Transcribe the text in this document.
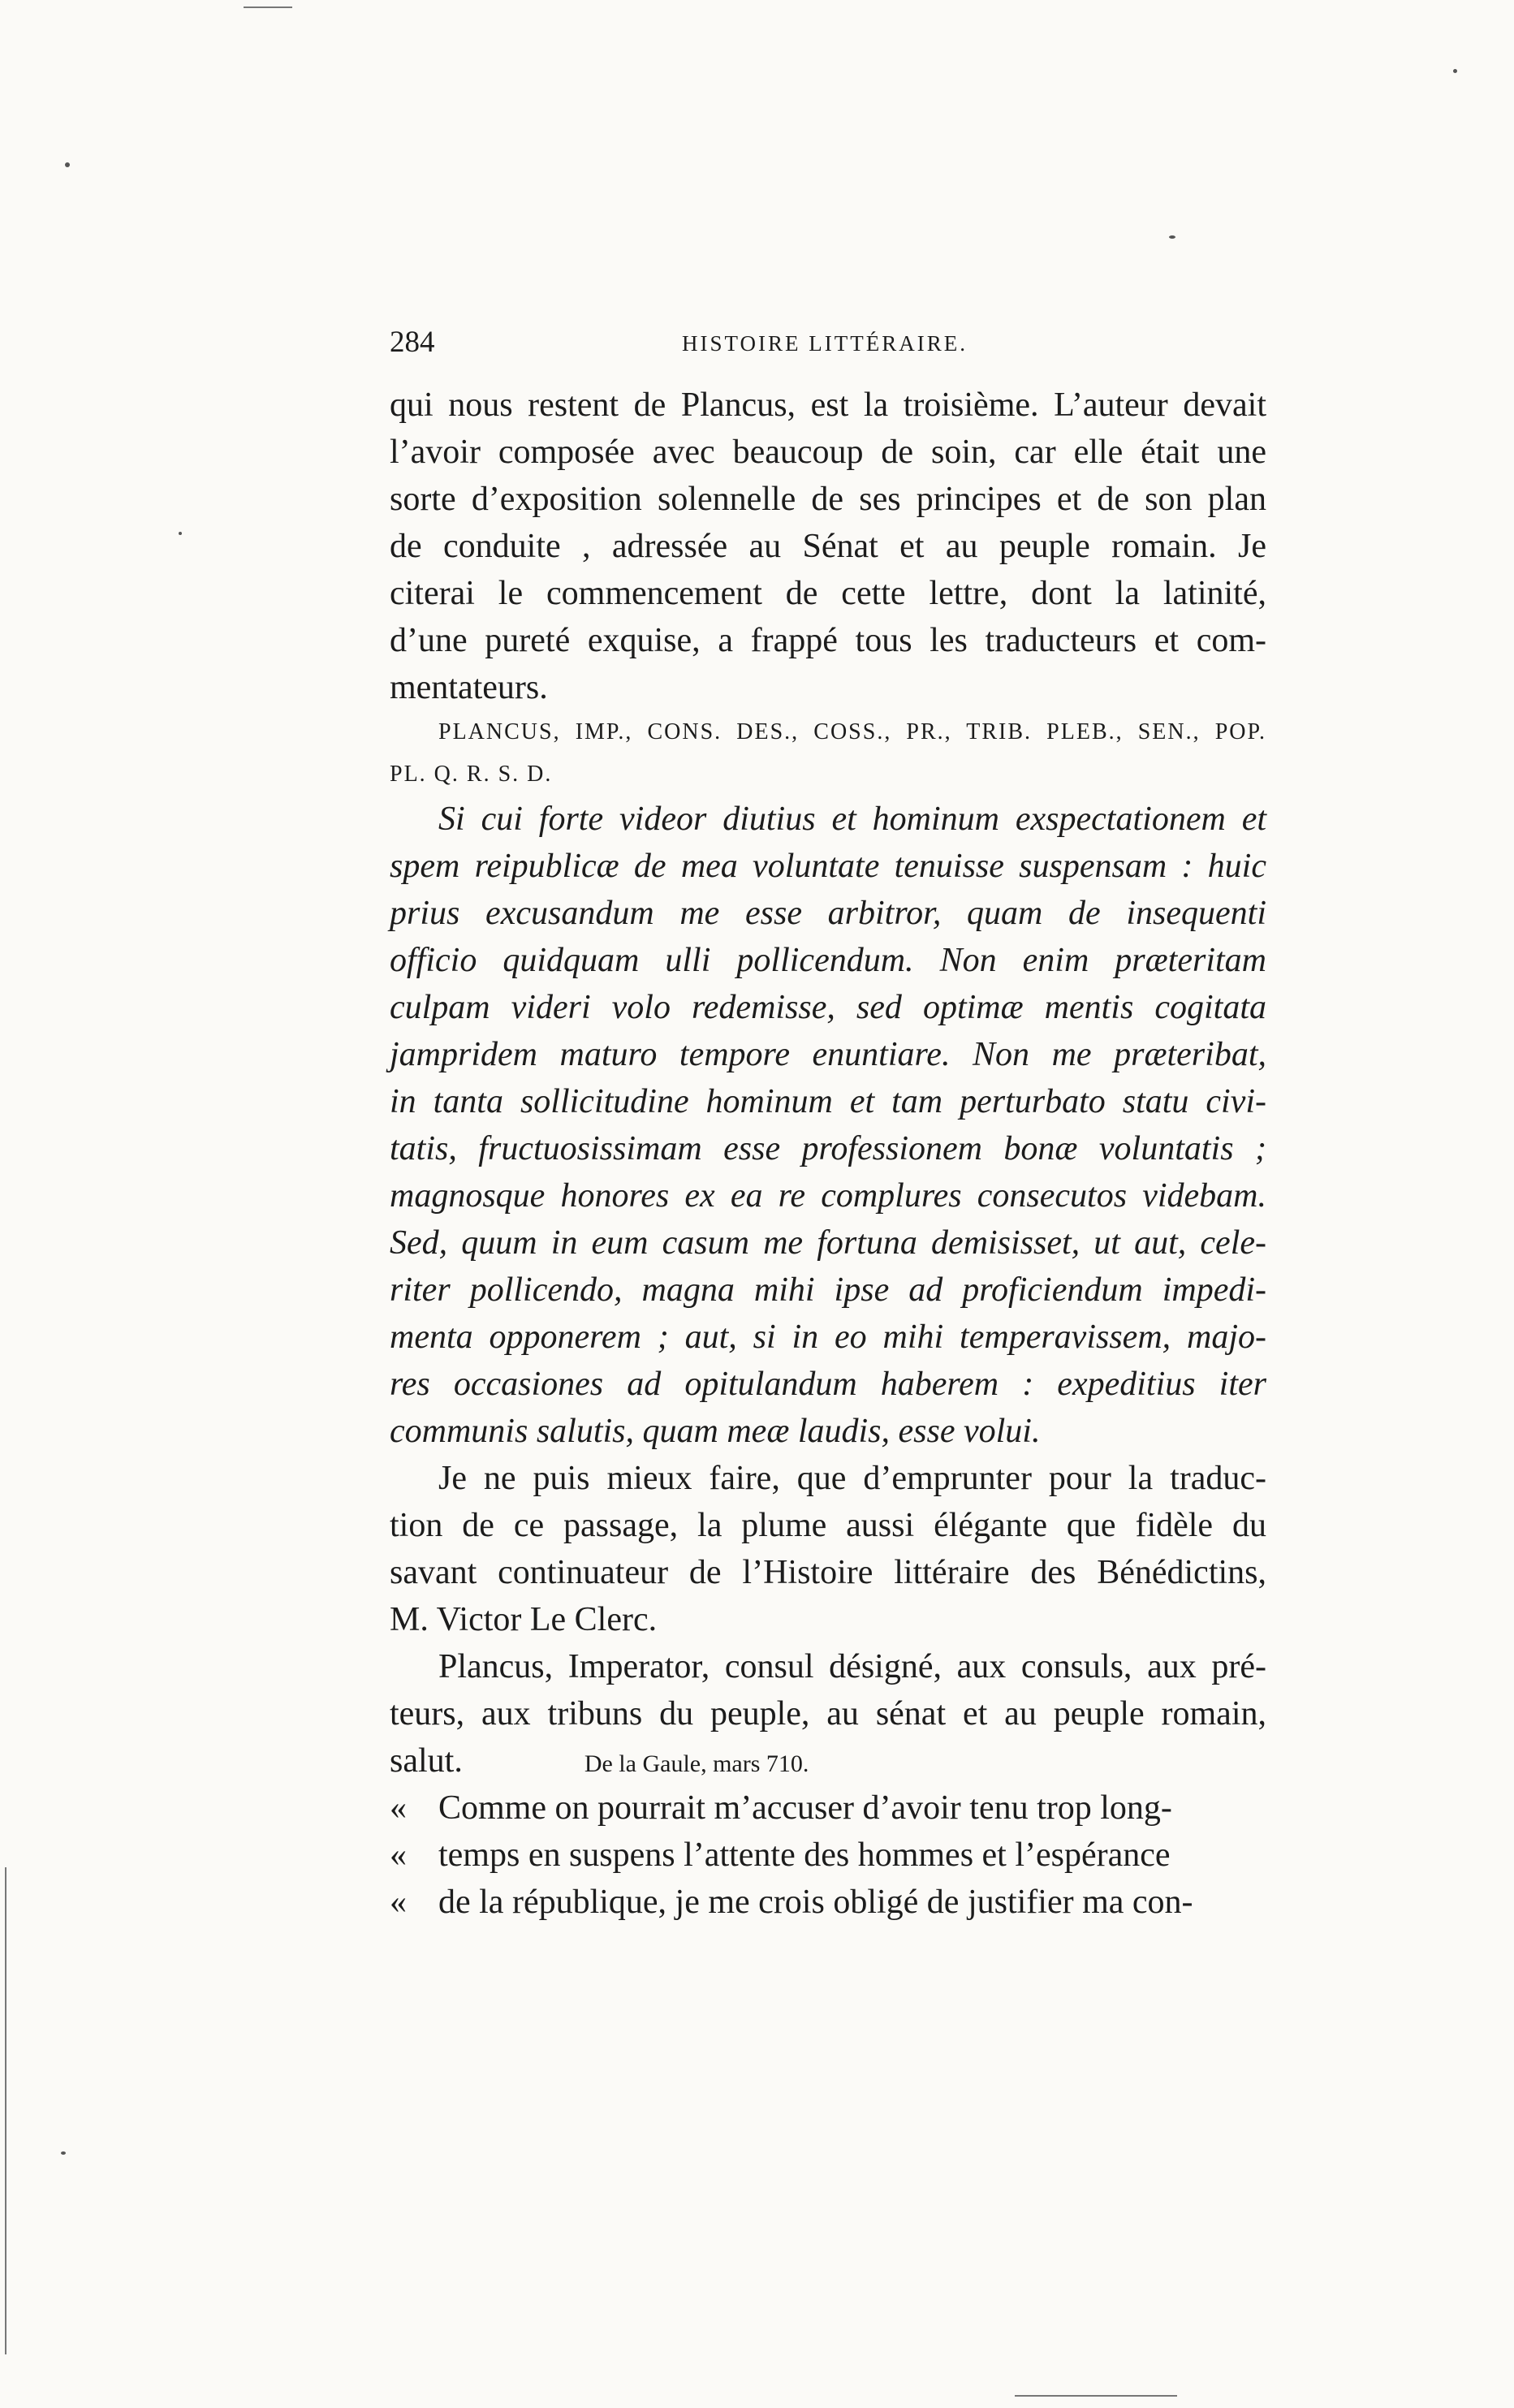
284	HISTOIRE LITTÉRAIRE.
qui nous restent de Plancus, est la troisième. L’auteur devait
l’avoir composée avec beaucoup de soin, car elle était une
sorte d’exposition solennelle de ses principes et de son plan
de conduite , adressée au Sénat et au peuple romain. Je
citerai le commencement de cette lettre, dont la latinité,
d’une pureté exquise, a frappé tous les traducteurs et com-
mentateurs.
PLANCUS, IMP., CONS. DES., COSS., PR., TRIB. PLEB., SEN., POP.
PL. Q. R. S. D.
Si cui forte videor diutius et hominum exspectationem et
spem reipublicæ de mea voluntate tenuisse suspensam : huic
prius excusandum me esse arbitror, quam de insequenti
officio quidquam ulli pollicendum. Non enim præteritam
culpam videri volo redemisse, sed optimæ mentis cogitata
jampridem maturo tempore enuntiare. Non me præteribat,
in tanta sollicitudine hominum et tam perturbato statu civi-
tatis, fructuosissimam esse professionem bonæ voluntatis ;
magnosque honores ex ea re complures consecutos videbam.
Sed, quum in eum casum me fortuna demisisset, ut aut, cele-
riter pollicendo, magna mihi ipse ad proficiendum impedi-
menta opponerem ; aut, si in eo mihi temperavissem, majo-
res occasiones ad opitulandum haberem : expeditius iter
communis salutis, quam meæ laudis, esse volui.
Je ne puis mieux faire, que d’emprunter pour la traduc-
tion de ce passage, la plume aussi élégante que fidèle du
savant continuateur de l’Histoire littéraire des Bénédictins,
M. Victor Le Clerc.
Plancus, Imperator, consul désigné, aux consuls, aux pré-
teurs, aux tribuns du peuple, au sénat et au peuple romain,
salut.	De la Gaule, mars 710.
« Comme on pourrait m’accuser d’avoir tenu trop long-
« temps en suspens l’attente des hommes et l’espérance
« de la république, je me crois obligé de justifier ma con-
